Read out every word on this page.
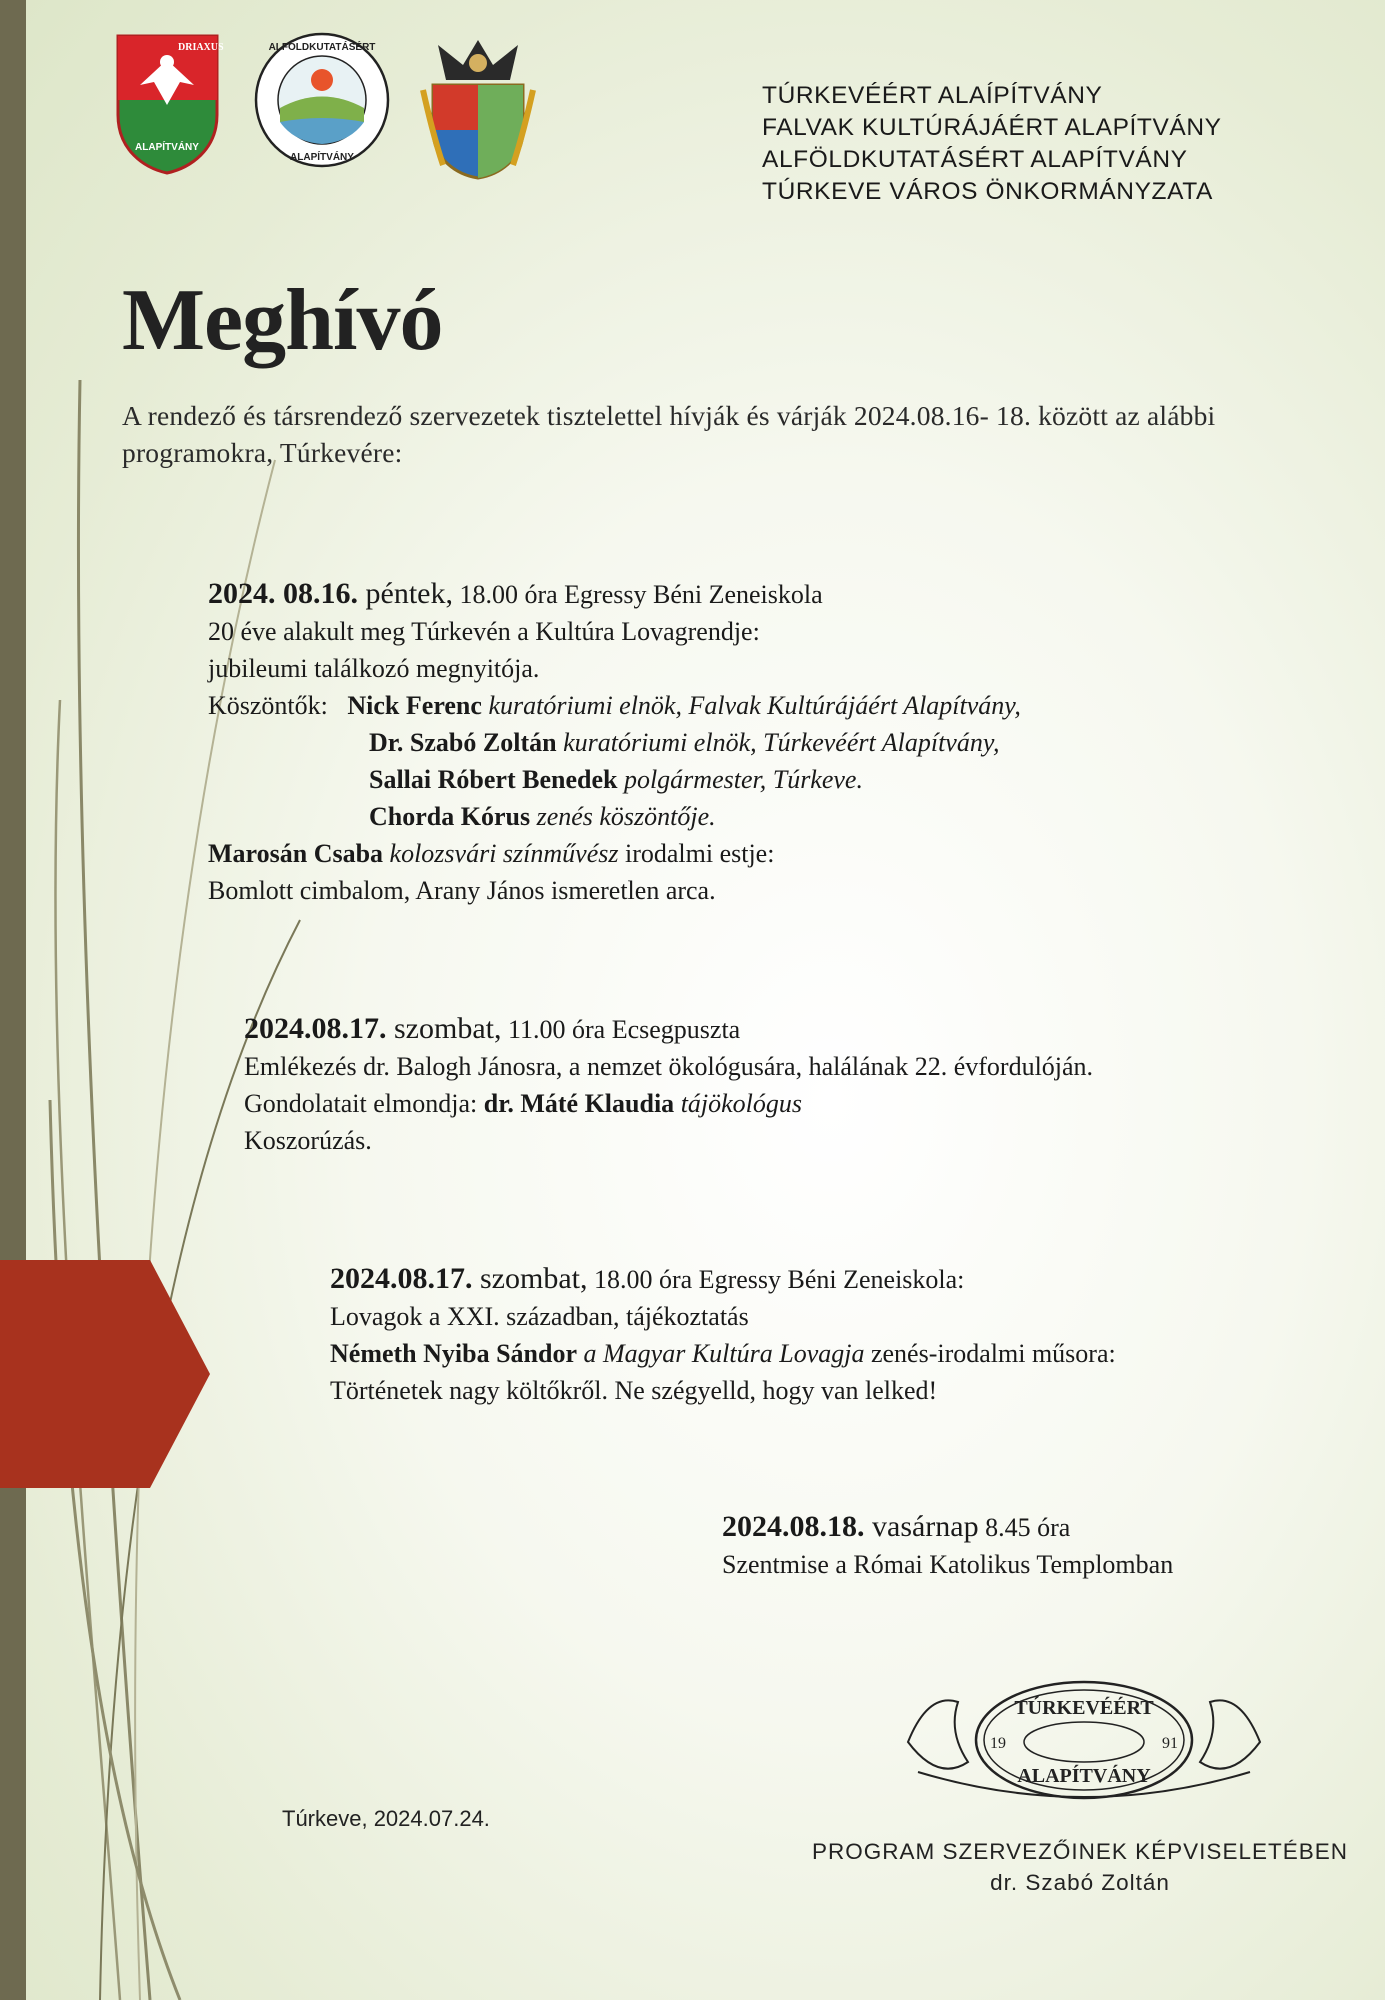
DRIAXUS
ALAPÍTVÁNY
ALFÖLDKUTATÁSÉRT
ALAPÍTVÁNY
TÚRKEVÉÉRT ALAÍPÍTVÁNY
FALVAK KULTÚRÁJÁÉRT ALAPÍTVÁNY
ALFÖLDKUTATÁSÉRT ALAPÍTVÁNY
TÚRKEVE VÁROS ÖNKORMÁNYZATA
Meghívó
A rendező és társrendező szervezetek tisztelettel hívják és várják 2024.08.16- 18. között az alábbi programokra, Túrkevére:
2024. 08.16. péntek, 18.00 óra Egressy Béni Zeneiskola
20 éve alakult meg Túrkevén a Kultúra Lovagrendje:
jubileumi találkozó megnyitója.
Köszöntők: Nick Ferenc kuratóriumi elnök, Falvak Kultúrájáért Alapítvány,
Dr. Szabó Zoltán kuratóriumi elnök, Túrkevéért Alapítvány,
Sallai Róbert Benedek polgármester, Túrkeve.
Chorda Kórus zenés köszöntője.
Marosán Csaba kolozsvári színművész irodalmi estje:
Bomlott cimbalom, Arany János ismeretlen arca.
2024.08.17. szombat, 11.00 óra Ecsegpuszta
Emlékezés dr. Balogh Jánosra, a nemzet ökológusára, halálának 22. évfordulóján.
Gondolatait elmondja: dr. Máté Klaudia tájökológus
Koszorúzás.
2024.08.17. szombat, 18.00 óra Egressy Béni Zeneiskola:
Lovagok a XXI. században, tájékoztatás
Németh Nyiba Sándor a Magyar Kultúra Lovagja zenés-irodalmi műsora:
Történetek nagy költőkről. Ne szégyelld, hogy van lelked!
2024.08.18. vasárnap 8.45 óra
Szentmise a Római Katolikus Templomban
TÚRKEVÉÉRT
19	91
ALAPÍTVÁNY
Túrkeve, 2024.07.24.
PROGRAM SZERVEZŐINEK KÉPVISELETÉBEN
dr. Szabó Zoltán
